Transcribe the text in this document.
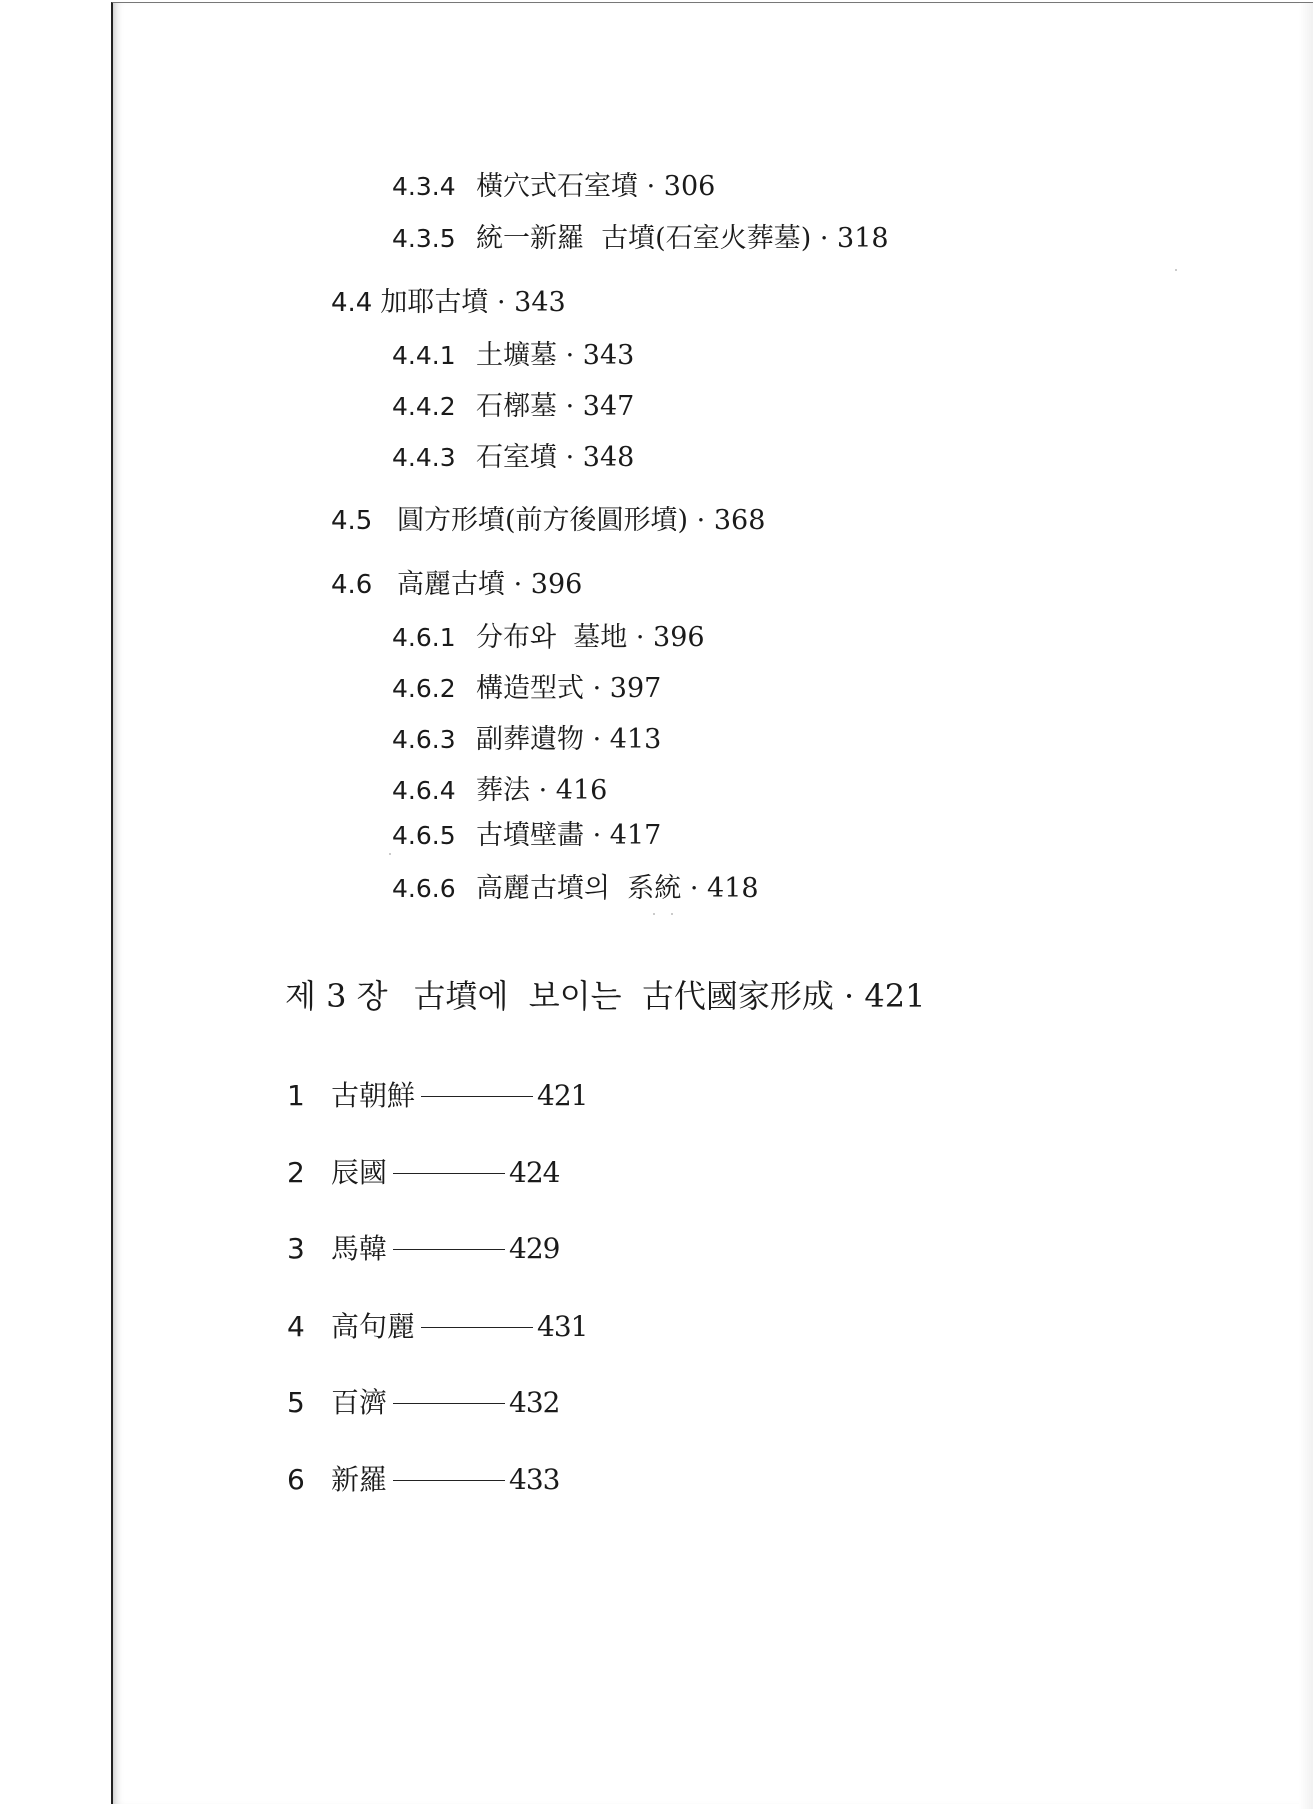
4.3.4 橫穴式石室墳 · 306
4.3.5 統一新羅  古墳(石室火葬墓) · 318
4.4 加耶古墳 · 343
4.4.1 土壙墓 · 343
4.4.2 石槨墓 · 347
4.4.3 石室墳 · 348
4.5 圓方形墳(前方後圓形墳) · 368
4.6 高麗古墳 · 396
4.6.1 分布와  墓地 · 396
4.6.2 構造型式 · 397
4.6.3 副葬遺物 · 413
4.6.4 葬法 · 416
4.6.5 古墳壁畵 · 417
4.6.6 高麗古墳의  系統 · 418
제 3 장 古墳에  보이는  古代國家形成 · 421
1 古朝鮮	421
2 辰國	424
3 馬韓	429
4 高句麗	431
5 百濟	432
6 新羅	433
